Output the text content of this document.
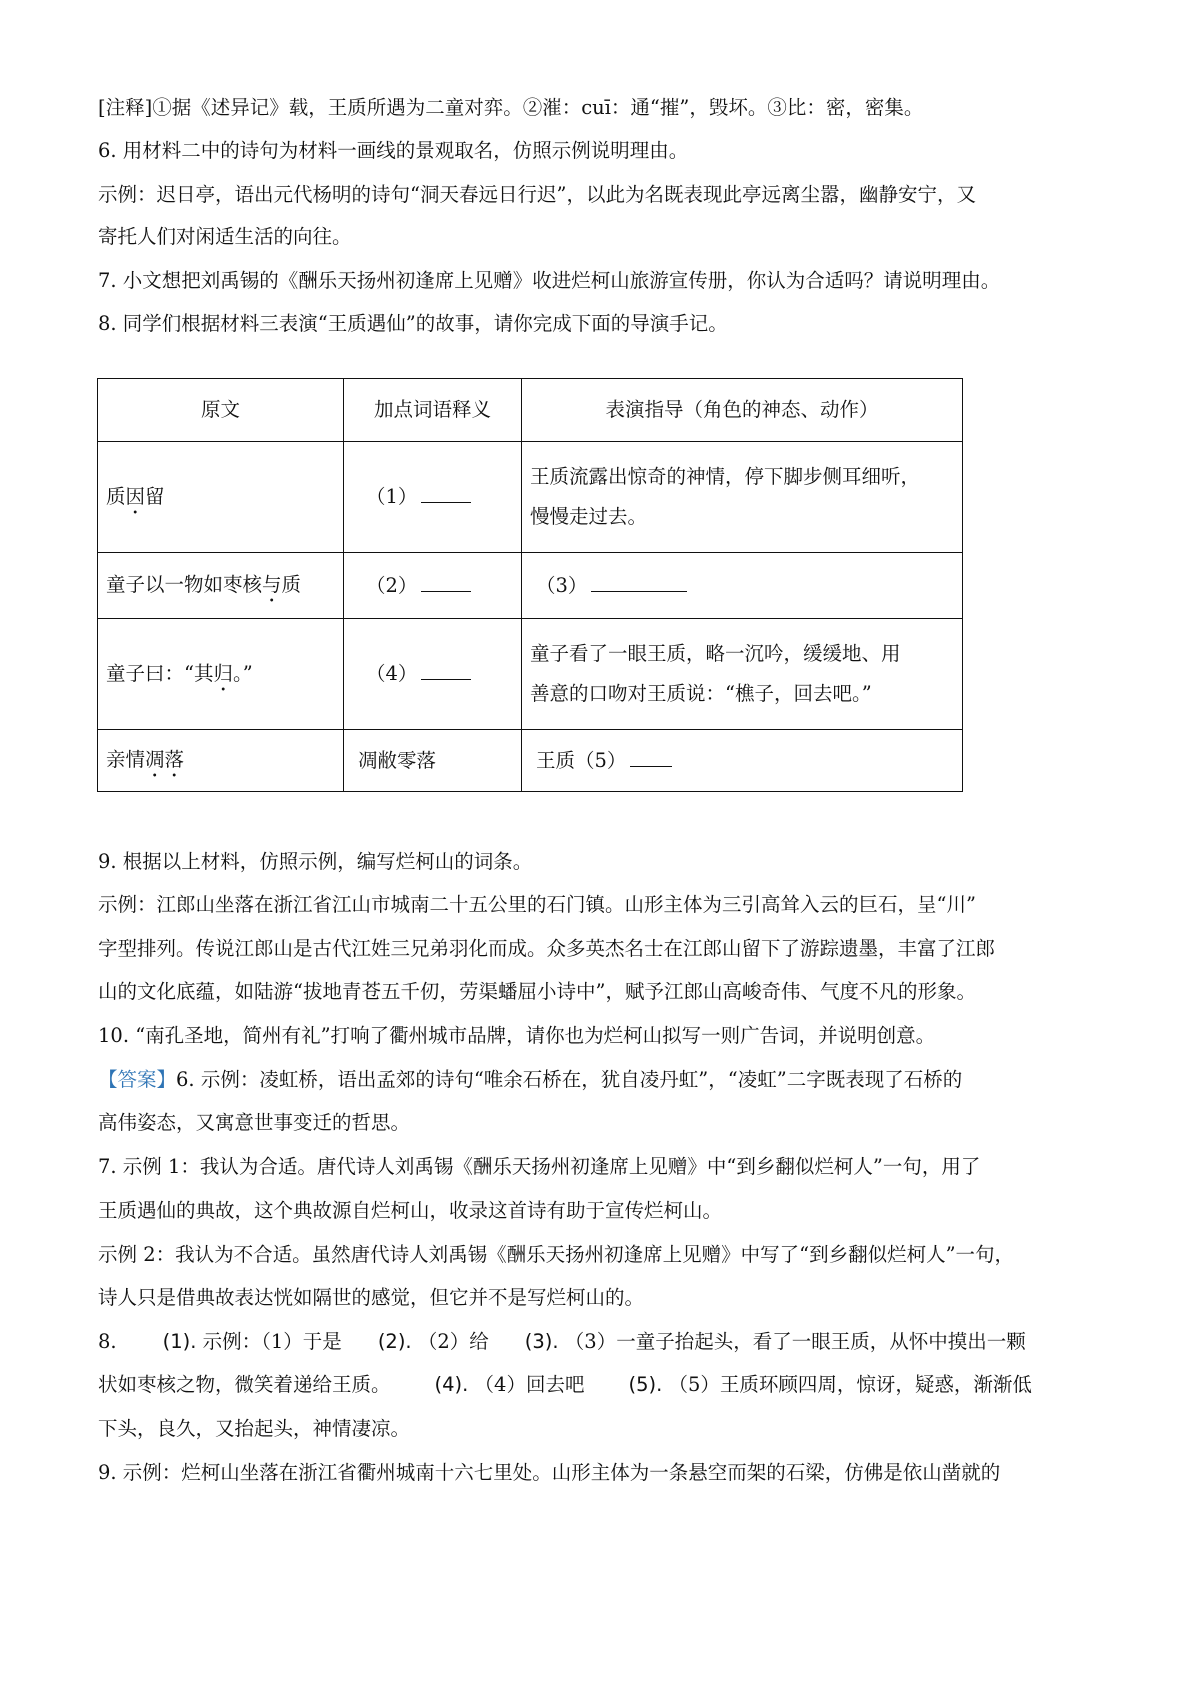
[注释]①据《述异记》载，王质所遇为二童对弈。②漼：cuī：通“摧”，毁坏。③比：密，密集。
6. 用材料二中的诗句为材料一画线的景观取名，仿照示例说明理由。
示例：迟日亭，语出元代杨明的诗句“洞天春远日行迟”，以此为名既表现此亭远离尘嚣，幽静安宁，又
寄托人们对闲适生活的向往。
7. 小文想把刘禹锡的《酬乐天扬州初逢席上见赠》收进烂柯山旅游宣传册，你认为合适吗？请说明理由。
8. 同学们根据材料三表演“王质遇仙”的故事，请你完成下面的导演手记。
原文	加点词语释义	表演指导（角色的神态、动作）
质因留	（1）	王质流露出惊奇的神情，停下脚步侧耳细听，
慢慢走过去。

童子以一物如枣核与质	（2）	（3）
童子曰：“其归。”	（4）	童子看了一眼王质，略一沉吟，缓缓地、用
善意的口吻对王质说：“樵子，回去吧。”

亲情凋落	凋敝零落	王质（5）
9. 根据以上材料，仿照示例，编写烂柯山的词条。
示例：江郎山坐落在浙江省江山市城南二十五公里的石门镇。山形主体为三引高耸入云的巨石，呈“川”
字型排列。传说江郎山是古代江姓三兄弟羽化而成。众多英杰名士在江郎山留下了游踪遗墨，丰富了江郎
山的文化底蕴，如陆游“拔地青苍五千仞，劳渠蟠屈小诗中”，赋予江郎山高峻奇伟、气度不凡的形象。
10. “南孔圣地，简州有礼”打响了衢州城市品牌，请你也为烂柯山拟写一则广告词，并说明创意。
【答案】6. 示例：凌虹桥，语出孟郊的诗句“唯余石桥在，犹自凌丹虹”，“凌虹”二字既表现了石桥的
高伟姿态，又寓意世事变迁的哲思。
7. 示例 1：我认为合适。唐代诗人刘禹锡《酬乐天扬州初逢席上见赠》中“到乡翻似烂柯人”一句，用了
王质遇仙的典故，这个典故源自烂柯山，收录这首诗有助于宣传烂柯山。
示例 2：我认为不合适。虽然唐代诗人刘禹锡《酬乐天扬州初逢席上见赠》中写了“到乡翻似烂柯人”一句，
诗人只是借典故表达恍如隔世的感觉，但它并不是写烂柯山的。
8. (1). 示例：（1）于是 (2). （2）给 (3). （3）一童子抬起头，看了一眼王质，从怀中摸出一颗
状如枣核之物，微笑着递给王质。 (4). （4）回去吧 (5). （5）王质环顾四周，惊讶，疑惑，渐渐低
下头，良久，又抬起头，神情凄凉。
9. 示例：烂柯山坐落在浙江省衢州城南十六七里处。山形主体为一条悬空而架的石梁，仿佛是依山凿就的
